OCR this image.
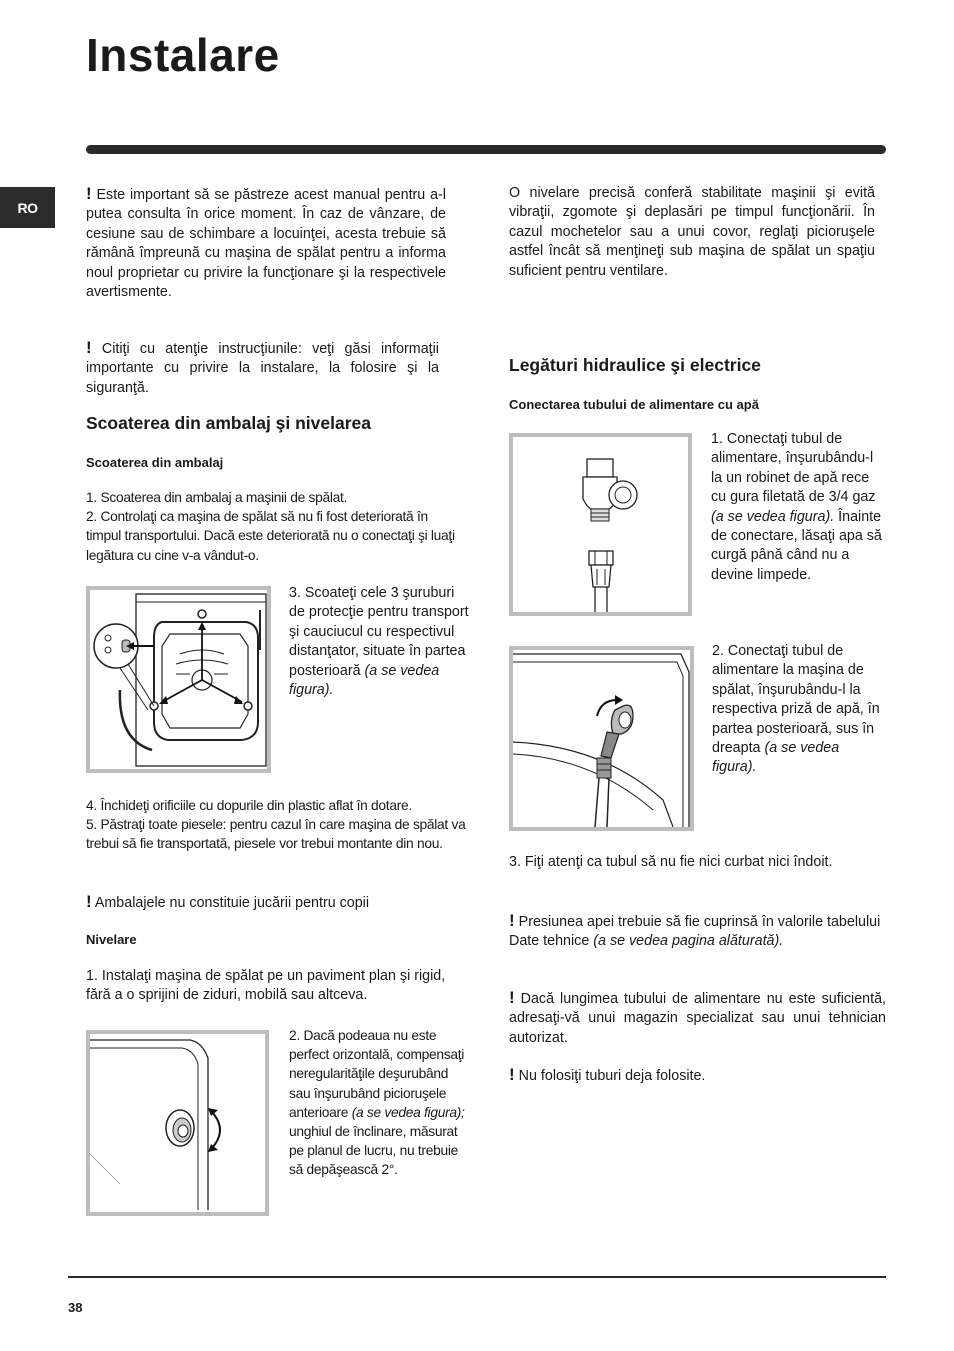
Instalare
RO

! Este important să se păstreze acest manual pentru a-l putea consulta în orice moment. În caz de vânzare, de cesiune sau de schimbare a locuinţei, acesta trebuie să rămână împreună cu maşina de spălat pentru a informa noul proprietar cu privire la funcţionare şi la respectivele avertismente.

! Citiţi cu atenţie instrucţiunile: veţi găsi informaţii importante cu privire la instalare, la folosire şi la siguranţă.

Scoaterea din ambalaj şi nivelarea
Scoaterea din ambalaj

1. Scoaterea din ambalaj a maşinii de spălat.

2. Controlaţi ca maşina de spălat să nu fi fost deteriorată în timpul transportului. Dacă este deteriorată nu o conectaţi şi luaţi legătura cu cine v-a vândut-o.

3. Scoateţi cele 3 şuruburi de protecţie pentru transport şi cauciucul cu respectivul distanţator, situate în partea posterioară (a se vedea figura).

4. Închideţi orificiile cu dopurile din plastic aflat în dotare.

5. Păstraţi toate piesele: pentru cazul în care maşina de spălat va trebui să fie transportată, piesele vor trebui montante din nou.

! Ambalajele nu constituie jucării pentru copii

Nivelare

1. Instalaţi maşina de spălat pe un paviment plan şi rigid, fără a o sprijini de ziduri, mobilă sau altceva.

2. Dacă podeaua nu este perfect orizontală, compensaţi neregularităţile deşurubând sau înşurubând picioruşele anterioare (a se vedea figura); unghiul de înclinare, măsurat pe planul de lucru, nu trebuie să depăşească 2°.

O nivelare precisă conferă stabilitate maşinii şi evită vibraţii, zgomote şi deplasări pe timpul funcţionării. În cazul mochetelor sau a unui covor, reglaţi picioruşele astfel încât să menţineţi sub maşina de spălat un spaţiu suficient pentru ventilare.

Legături hidraulice şi electrice
Conectarea tubului de alimentare cu apă

1. Conectaţi tubul de alimentare, înşurubându-l la un robinet de apă rece cu gura filetată de 3/4 gaz (a se vedea figura). Înainte de conectare, lăsaţi apa să curgă până când nu a devine limpede.

2. Conectaţi tubul de alimentare la maşina de spălat, înşurubându-l la respectiva priză de apă, în partea posterioară, sus în dreapta (a se vedea figura).

3. Fiţi atenţi ca tubul să nu fie nici curbat nici îndoit.

! Presiunea apei trebuie să fie cuprinsă în valorile tabelului Date tehnice (a se vedea pagina alăturată).

! Dacă lungimea tubului de alimentare nu este suficientă, adresaţi-vă unui magazin specializat sau unui tehnician autorizat.

! Nu folosiţi tuburi deja folosite.

38
